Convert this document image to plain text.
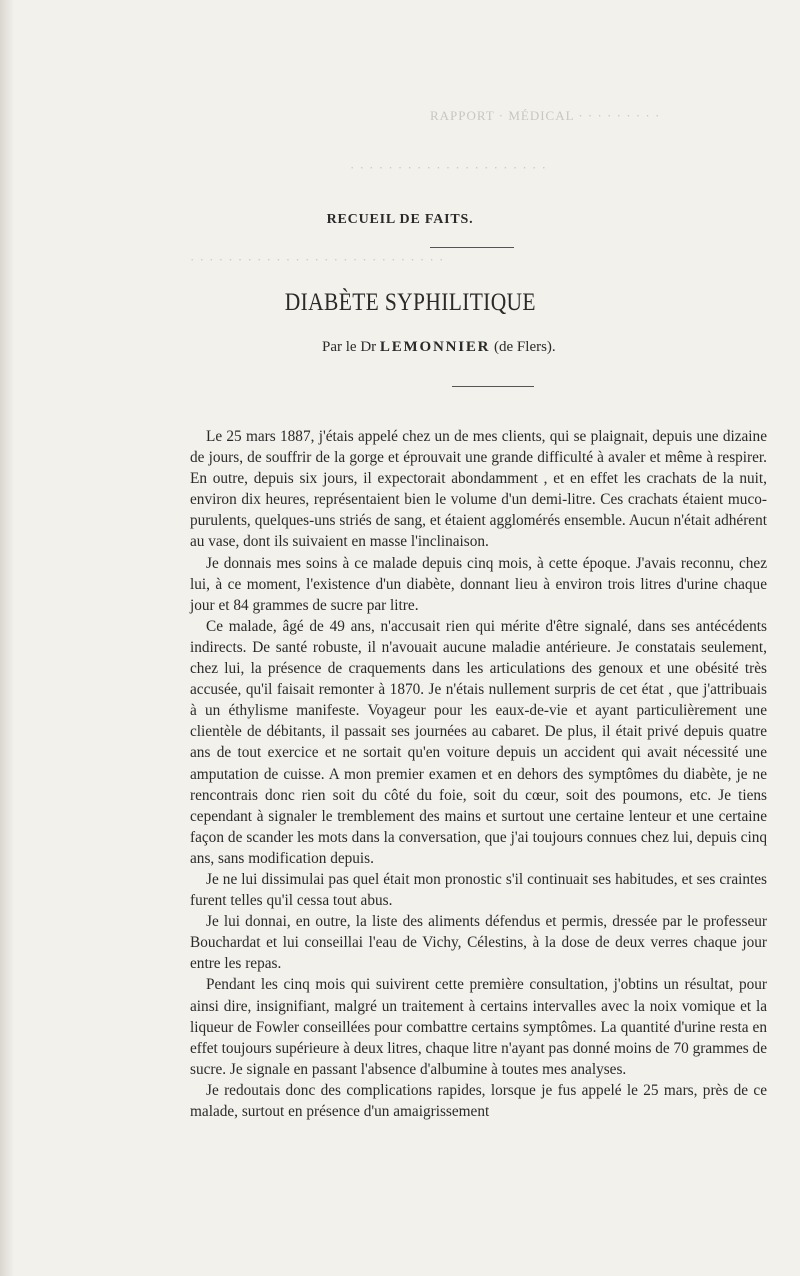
RAPPORT · MÉDICAL · · · · · · · · ·
· · · · · · · · · · · · · · · · · · · · ·
· · · · · · · · · · · · · · · · · · · · · · · · · · ·
RECUEIL DE FAITS.
DIABÈTE SYPHILITIQUE
Par le Dr LEMONNIER (de Flers).

Le 25 mars 1887, j'étais appelé chez un de mes clients, qui se plaignait, depuis une dizaine de jours, de souffrir de la gorge et éprouvait une grande difficulté à avaler et même à respirer. En outre, depuis six jours, il expectorait abondamment , et en effet les crachats de la nuit, environ dix heures, représentaient bien le volume d'un demi-litre. Ces crachats étaient muco-purulents, quelques-uns striés de sang, et étaient agglomérés ensemble. Aucun n'était adhérent au vase, dont ils suivaient en masse l'inclinaison.

Je donnais mes soins à ce malade depuis cinq mois, à cette époque. J'avais reconnu, chez lui, à ce moment, l'existence d'un diabète, donnant lieu à environ trois litres d'urine chaque jour et 84 grammes de sucre par litre.

Ce malade, âgé de 49 ans, n'accusait rien qui mérite d'être signalé, dans ses antécédents indirects. De santé robuste, il n'avouait aucune maladie antérieure. Je constatais seulement, chez lui, la présence de craquements dans les articulations des genoux et une obésité très accusée, qu'il faisait remonter à 1870. Je n'étais nullement surpris de cet état , que j'attribuais à un éthylisme manifeste. Voyageur pour les eaux-de-vie et ayant particulièrement une clientèle de débitants, il passait ses journées au cabaret. De plus, il était privé depuis quatre ans de tout exercice et ne sortait qu'en voiture depuis un accident qui avait nécessité une amputation de cuisse. A mon premier examen et en dehors des symptômes du diabète, je ne rencontrais donc rien soit du côté du foie, soit du cœur, soit des poumons, etc. Je tiens cependant à signaler le tremblement des mains et surtout une certaine lenteur et une certaine façon de scander les mots dans la conversation, que j'ai toujours connues chez lui, depuis cinq ans, sans modification depuis.

Je ne lui dissimulai pas quel était mon pronostic s'il continuait ses habitudes, et ses craintes furent telles qu'il cessa tout abus.

Je lui donnai, en outre, la liste des aliments défendus et permis, dressée par le professeur Bouchardat et lui conseillai l'eau de Vichy, Célestins, à la dose de deux verres chaque jour entre les repas.

Pendant les cinq mois qui suivirent cette première consultation, j'obtins un résultat, pour ainsi dire, insignifiant, malgré un traitement à certains intervalles avec la noix vomique et la liqueur de Fowler conseillées pour combattre certains symptômes. La quantité d'urine resta en effet toujours supérieure à deux litres, chaque litre n'ayant pas donné moins de 70 grammes de sucre. Je signale en passant l'absence d'albumine à toutes mes analyses.

Je redoutais donc des complications rapides, lorsque je fus appelé le 25 mars, près de ce malade, surtout en présence d'un amaigrissement
